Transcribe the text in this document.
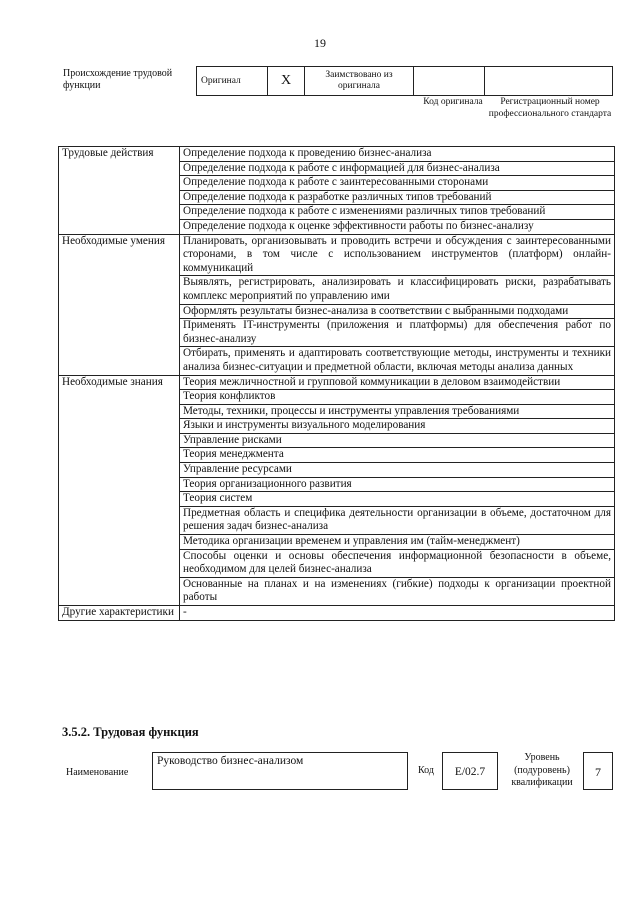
19
Происхождение трудовой функции	Оригинал	X	Заимствовано из оригинала		
Код оригинала	Регистрационный номер профессионального стандарта
Трудовые действия	Определение подхода к проведению бизнес-анализа
	Определение подхода к работе с информацией для бизнес-анализа
	Определение подхода к работе с заинтересованными сторонами
	Определение подхода к разработке различных типов требований
	Определение подхода к работе с изменениями различных типов требований
	Определение подхода к оценке эффективности работы по бизнес-анализу
Необходимые умения	Планировать, организовывать и проводить встречи и обсуждения с заинтересованными сторонами, в том числе с использованием инструментов (платформ) онлайн-коммуникаций
	Выявлять, регистрировать, анализировать и классифицировать риски, разрабатывать комплекс мероприятий по управлению ими
	Оформлять результаты бизнес-анализа в соответствии с выбранными подходами
	Применять IT-инструменты (приложения и платформы) для обеспечения работ по бизнес-анализу
	Отбирать, применять и адаптировать соответствующие методы, инструменты и техники анализа бизнес-ситуации и предметной области, включая методы анализа данных
Необходимые знания	Теория межличностной и групповой коммуникации в деловом взаимодействии
	Теория конфликтов
	Методы, техники, процессы и инструменты управления требованиями
	Языки и инструменты визуального моделирования
	Управление рисками
	Теория менеджмента
	Управление ресурсами
	Теория организационного развития
	Теория систем
	Предметная область и специфика деятельности организации в объеме, достаточном для решения задач бизнес-анализа
	Методика организации временем и управления им (тайм-менеджмент)
	Способы оценки и основы обеспечения информационной безопасности в объеме, необходимом для целей бизнес-анализа
	Основанные на планах и на изменениях (гибкие) подходы к организации проектной работы
Другие характеристики	-
3.5.2. Трудовая функция
Наименование
Руководство бизнес-анализом
Код	E/02.7
Уровень (подуровень) квалификации
7
